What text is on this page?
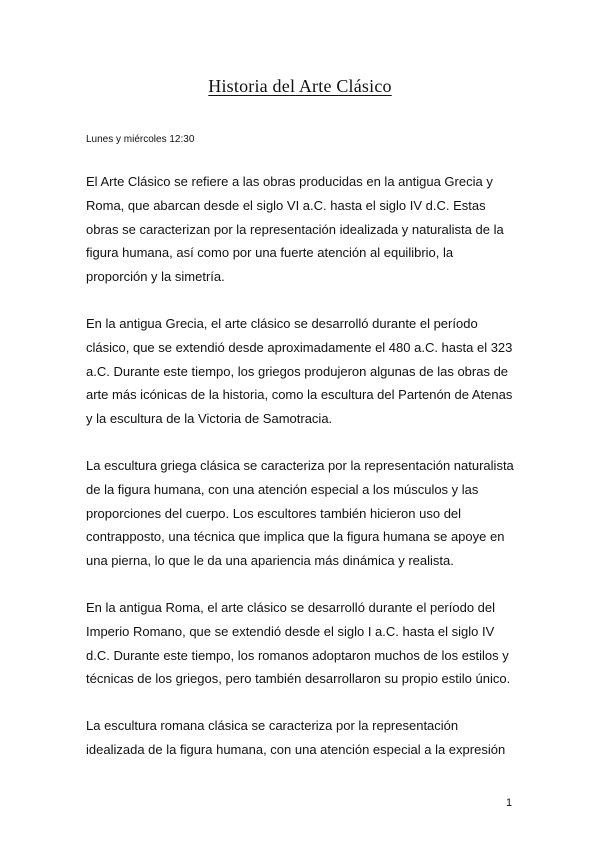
Historia del Arte Clásico

Lunes y miércoles 12:30

El Arte Clásico se refiere a las obras producidas en la antigua Grecia y Roma, que abarcan desde el siglo VI a.C. hasta el siglo IV d.C. Estas obras se caracterizan por la representación idealizada y naturalista de la figura humana, así como por una fuerte atención al equilibrio, la proporción y la simetría.

En la antigua Grecia, el arte clásico se desarrolló durante el período clásico, que se extendió desde aproximadamente el 480 a.C. hasta el 323 a.C. Durante este tiempo, los griegos produjeron algunas de las obras de arte más icónicas de la historia, como la escultura del Partenón de Atenas y la escultura de la Victoria de Samotracia.

La escultura griega clásica se caracteriza por la representación naturalista de la figura humana, con una atención especial a los músculos y las proporciones del cuerpo. Los escultores también hicieron uso del contrapposto, una técnica que implica que la figura humana se apoye en una pierna, lo que le da una apariencia más dinámica y realista.

En la antigua Roma, el arte clásico se desarrolló durante el período del Imperio Romano, que se extendió desde el siglo I a.C. hasta el siglo IV d.C. Durante este tiempo, los romanos adoptaron muchos de los estilos y técnicas de los griegos, pero también desarrollaron su propio estilo único.

La escultura romana clásica se caracteriza por la representación idealizada de la figura humana, con una atención especial a la expresión

1
